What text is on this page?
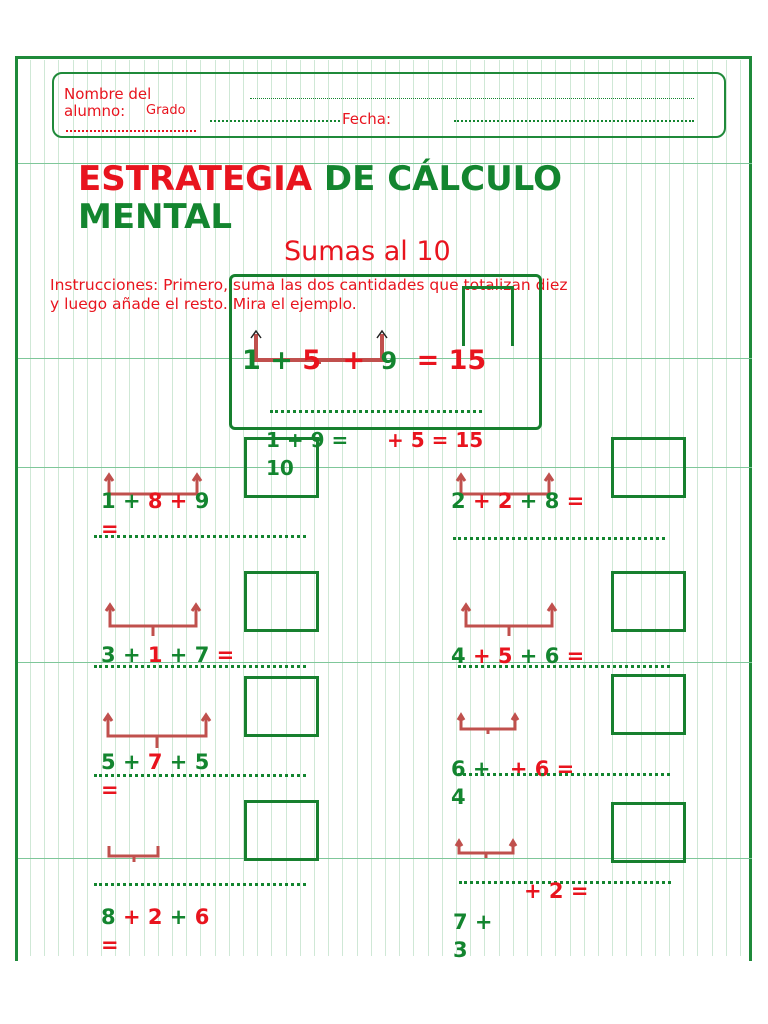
Nombre del alumno:	Grado	Fecha:
ESTRATEGIA DE CÁLCULO
MENTAL
Sumas al 10
Instrucciones: Primero, suma las dos cantidades que totalizan diez
y luego añade el resto. Mira el ejemplo.
1 + 5 + 9 = 15
1 + 9 =
10
+ 5 = 15
1 + 8 + 9
=
2 + 2 + 8 =
3 + 1 + 7 =	4 + 5 + 6 =
5 + 7 + 5
=
6 + + 6 =
4
8 + 2 + 6
=
+ 2 =
7 +
3
